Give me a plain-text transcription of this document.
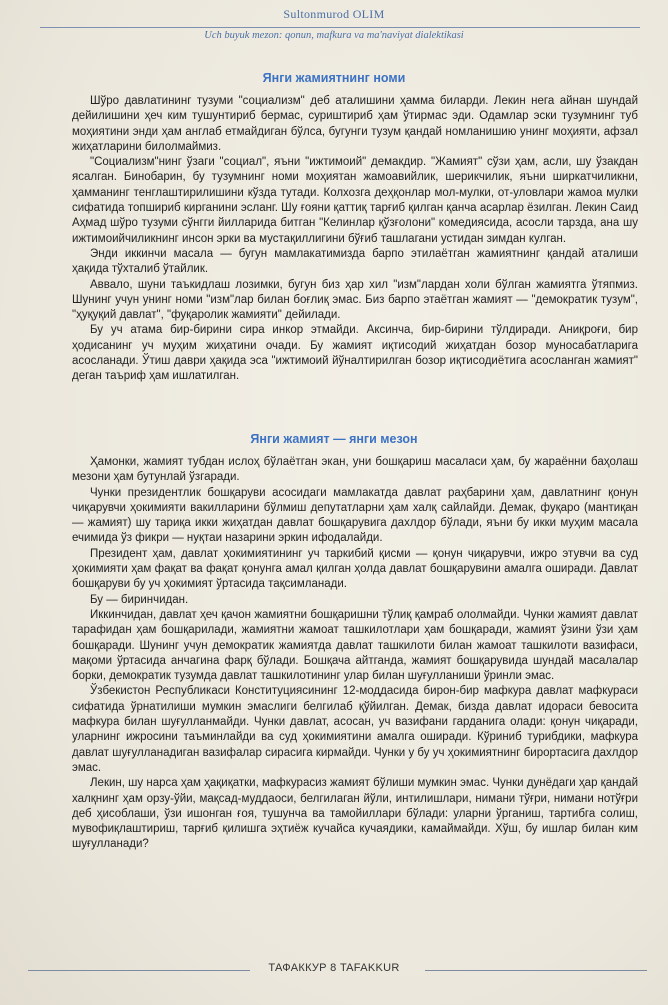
Sultonmurod OLIM
Uch buyuk mezon: qonun, mafkura va ma'naviyat dialektikasi
Янги жамиятнинг номи

Шўро давлатининг тузуми "социализм" деб аталишини ҳамма биларди. Лекин нега айнан шундай дейилишини ҳеч ким тушунтириб бермас, суриштириб ҳам ўтирмас эди. Одамлар эски тузумнинг туб моҳиятини энди ҳам англаб етмайдиган бўлса, бугунги тузум қандай номланишию унинг моҳияти, афзал жиҳатларини билолмаймиз.

"Социализм"нинг ўзаги "социал", яъни "ижтимоий" демакдир. "Жамият" сўзи ҳам, асли, шу ўзакдан ясалган. Бинобарин, бу тузумнинг номи моҳиятан жамоавийлик, шерикчилик, яъни ширкатчиликни, ҳамманинг тенглаштирилишини кўзда тутади. Колхозга деҳқонлар мол-мулки, от-уловлари жамоа мулки сифатида топшириб кирганини эсланг. Шу ғояни қаттиқ тарғиб қилган қанча асарлар ёзилган. Лекин Саид Аҳмад шўро тузуми сўнгги йилларида битган "Келинлар қўзғолони" комедиясида, асосли тарзда, ана шу ижтимоийчиликнинг инсон эрки ва мустақиллигини бўғиб ташлагани устидан зимдан кулган.

Энди иккинчи масала — бугун мамлакатимизда барпо этилаётган жамиятнинг қандай аталиши ҳақида тўхталиб ўтайлик.

Аввало, шуни таъкидлаш лозимки, бугун биз ҳар хил "изм"лардан холи бўлган жамиятга ўтяпмиз. Шунинг учун унинг номи "изм"лар билан боғлиқ эмас. Биз барпо этаётган жамият — "демократик тузум", "ҳуқуқий давлат", "фуқаролик жамияти" дейилади.

Бу уч атама бир-бирини сира инкор этмайди. Аксинча, бир-бирини тўлдиради. Аниқроғи, бир ҳодисанинг уч муҳим жиҳатини очади. Бу жамият иқтисодий жиҳатдан бозор муносабатларига асосланади. Ўтиш даври ҳақида эса "ижтимоий йўналтирилган бозор иқтисодиётига асосланган жамият" деган таъриф ҳам ишлатилган.

Янги жамият — янги мезон

Ҳамонки, жамият тубдан ислоҳ бўлаётган экан, уни бошқариш масаласи ҳам, бу жараённи баҳолаш мезони ҳам бутунлай ўзгаради.

Чунки президентлик бошқаруви асосидаги мамлакатда давлат раҳбарини ҳам, давлатнинг қонун чиқарувчи ҳокимияти вакилларини бўлмиш депутатларни ҳам халқ сайлайди. Демак, фуқаро (мантиқан — жамият) шу тариқа икки жиҳатдан давлат бошқарувига дахлдор бўлади, яъни бу икки муҳим масала ечимида ўз фикри — нуқтаи назарини эркин ифодалайди.

Президент ҳам, давлат ҳокимиятининг уч таркибий қисми — қонун чиқарувчи, ижро этувчи ва суд ҳокимияти ҳам фақат ва фақат қонунга амал қилган ҳолда давлат бошқарувини амалга оширади. Давлат бошқаруви бу уч ҳокимият ўртасида тақсимланади.

Бу — биринчидан.

Иккинчидан, давлат ҳеч қачон жамиятни бошқаришни тўлиқ қамраб ололмайди. Чунки жамият давлат тарафидан ҳам бошқарилади, жамиятни жамоат ташкилотлари ҳам бошқаради, жамият ўзини ўзи ҳам бошқаради. Шунинг учун демократик жамиятда давлат ташкилоти билан жамоат ташкилоти вазифаси, мақоми ўртасида анчагина фарқ бўлади. Бошқача айтганда, жамият бошқарувида шундай масалалар борки, демократик тузумда давлат ташкилотининг улар билан шуғулланиши ўринли эмас.

Ўзбекистон Республикаси Конституциясининг 12-моддасида бирон-бир мафкура давлат мафкураси сифатида ўрнатилиши мумкин эмаслиги белгилаб қўйилган. Демак, бизда давлат идораси бевосита мафкура билан шуғулланмайди. Чунки давлат, асосан, уч вазифани гарданига олади: қонун чиқаради, уларнинг ижросини таъминлайди ва суд ҳокимиятини амалга оширади. Кўриниб турибдики, мафкура давлат шуғулланадиган вазифалар сирасига кирмайди. Чунки у бу уч ҳокимиятнинг бирортасига дахлдор эмас.

Лекин, шу нарса ҳам ҳақиқатки, мафкурасиз жамият бўлиши мумкин эмас. Чунки дунёдаги ҳар қандай халқнинг ҳам орзу-ўйи, мақсад-муддаоси, белгилаган йўли, интилишлари, нимани тўғри, нимани нотўғри деб ҳисоблаши, ўзи ишонган ғоя, тушунча ва тамойиллари бўлади: уларни ўрганиш, тартибга солиш, мувофиқлаштириш, тарғиб қилишга эҳтиёж кучайса кучаядики, камаймайди. Хўш, бу ишлар билан ким шуғулланади?

ТАФАККУР 8 TAFAKKUR
